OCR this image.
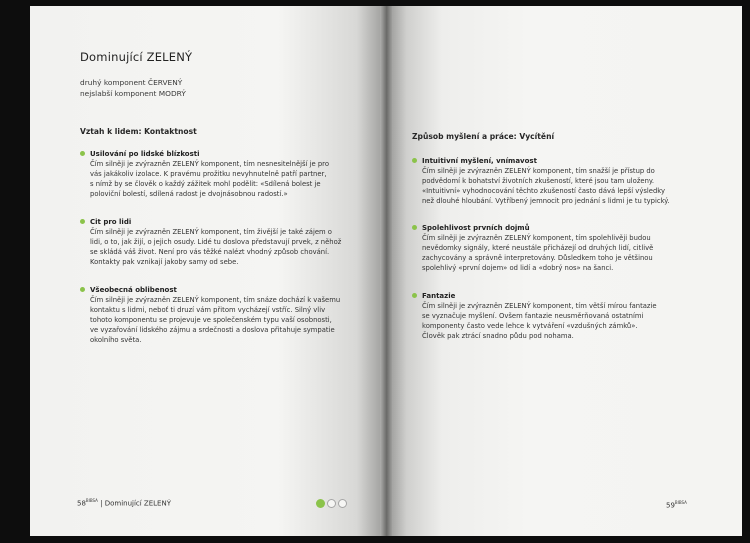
Dominující ZELENÝ
druhý komponent ČERVENÝ
nejslabší komponent MODRÝ
Vztah k lidem: Kontaktnost
Usilování po lidské blízkosti
Čím silněji je zvýrazněn ZELENÝ komponent, tím nesnesitelnější je pro
vás jakákoliv izolace. K pravému prožitku nevyhnutelně patří partner,
s nímž by se člověk o každý zážitek mohl podělit: «Sdílená bolest je
poloviční bolestí, sdílená radost je dvojnásobnou radostí.»
Cit pro lidi
Čím silněji je zvýrazněn ZELENÝ komponent, tím živější je také zájem o
lidi, o to, jak žijí, o jejich osudy. Lidé tu doslova představují prvek, z něhož
se skládá váš život. Není pro vás těžké nalézt vhodný způsob chování.
Kontakty pak vznikají jakoby samy od sebe.
Všeobecná oblibenost
Čím silněji je zvýrazněn ZELENÝ komponent, tím snáze dochází k vašemu
kontaktu s lidmi, neboť ti druzí vám přitom vycházejí vstříc. Silný vliv
tohoto komponentu se projevuje ve společenském typu vaší osobnosti,
ve vyzařování lidského zájmu a srdečnosti a doslova přitahuje sympatie
okolního světa.
$58^{BIBSA}$ | Dominující ZELENÝ
Způsob myšlení a práce: Vycítění
Intuitivní myšlení, vnímavost
Čím silněji je zvýrazněn ZELENÝ komponent, tím snažší je přístup do
podvědomí k bohatství životních zkušeností, které jsou tam uloženy.
«Intuitivní» vyhodnocování těchto zkušeností často dává lepší výsledky
než dlouhé hloubání. Vytříbený jemnocit pro jednání s lidmi je tu typický.
Spolehlivost prvních dojmů
Čím silněji je zvýrazněn ZELENÝ komponent, tím spolehlivěji budou
nevědomky signály, které neustále přicházejí od druhých lidí, citlivě
zachycovány a správně interpretovány. Důsledkem toho je většinou
spolehlivý «první dojem» od lidí a «dobrý nos» na šanci.
Fantazie
Čím silněji je zvýrazněn ZELENÝ komponent, tím větší mírou fantazie
se vyznačuje myšlení. Ovšem fantazie neusměrňovaná ostatními
komponenty často vede lehce k vytváření «vzdušných zámků».
Člověk pak ztrácí snadno půdu pod nohama.
$59^{BIBSA}$
